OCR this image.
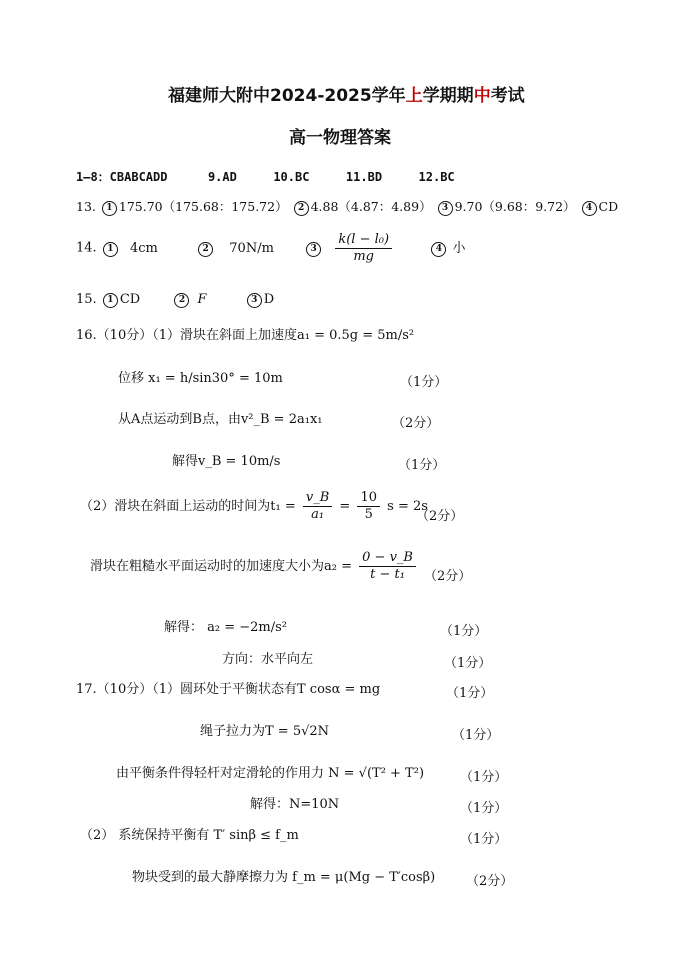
福建师大附中2024-2025学年上学期期中考试
高一物理答案
1—8：CBABCADD	9.AD	10.BC	11.BD	12.BC
13. 1 175.70（175.68：175.72） 2 4.88（4.87：4.89） 3 9.70（9.68：9.72） 4 CD
14. 1 4cm	2 70N/m	$3 \frac{\text{k(l − l₀)}}{mg}$	4 小
15. 1 CD	2 F	3 D
16.（10分）（1）滑块在斜面上加速度a₁ = 0.5g = 5m/s²
位移 x₁ = h/sin30° = 10m	（1分）
从A点运动到B点，由v²_B = 2a₁x₁	（2分）
解得v_B = 10m/s	（1分）
（2）滑块在斜面上运动的时间为$t_1 = \frac{v\_B}{\text{a₁}} = \frac{10}{5}$ s = 2s
（2分）
滑块在粗糙水平面运动时的加速度大小为$a_2 = \frac{0 - v\_B}{\text{t − t₁}} (2$分）
解得： a₂ = −2m/s²	（1分）
方向：水平向左	（1分）
17.（10分）（1）圆环处于平衡状态有T cosα = mg	（1分）
绳子拉力为T = 5√2N	（1分）
由平衡条件得轻杆对定滑轮的作用力 N = √(T² + T²)	（1分）
解得：N=10N	（1分）
（2） 系统保持平衡有 T′ sinβ ≤ f_m	（1分）
物块受到的最大静摩擦力为 f_m = μ(Mg − T′cosβ) （2分）
